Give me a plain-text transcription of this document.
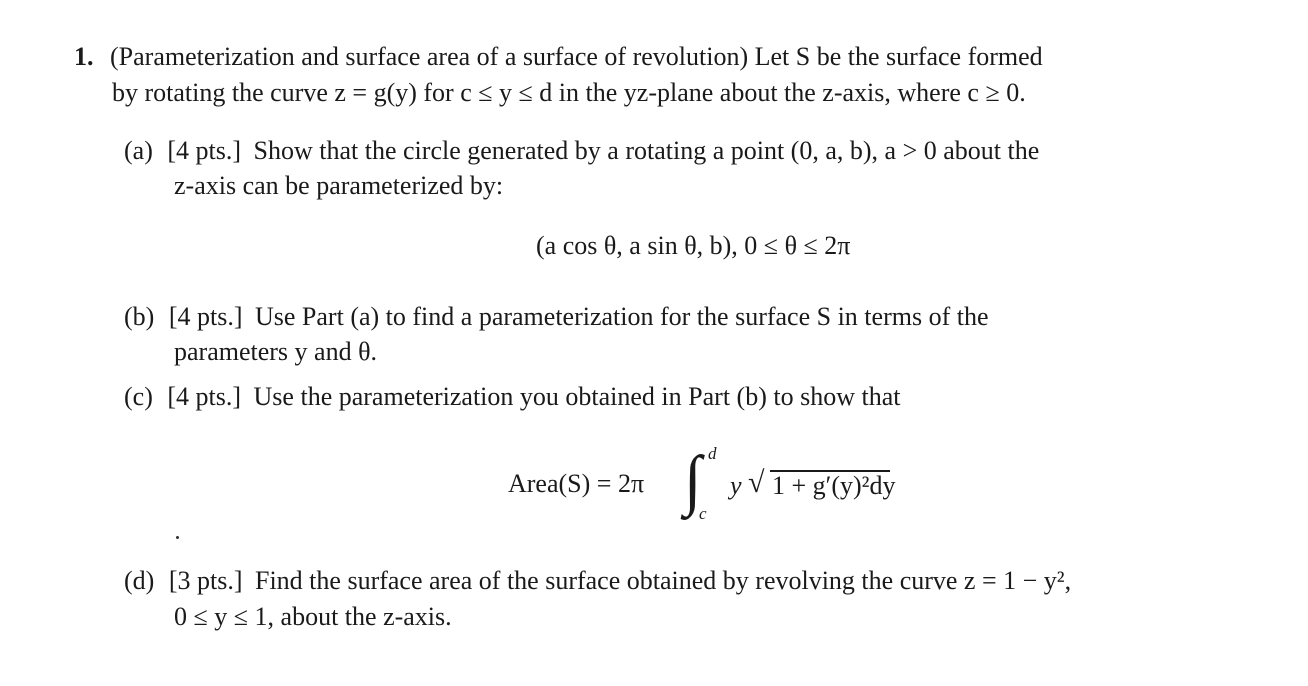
1. (Parameterization and surface area of a surface of revolution) Let S be the surface formed
by rotating the curve z = g(y) for c ≤ y ≤ d in the yz-plane about the z-axis, where c ≥ 0.
(a) [4 pts.] Show that the circle generated by a rotating a point (0, a, b), a > 0 about the
z-axis can be parameterized by:
(a cos θ, a sin θ, b), 0 ≤ θ ≤ 2π
(b) [4 pts.] Use Part (a) to find a parameterization for the surface S in terms of the
parameters y and θ.
(c) [4 pts.] Use the parameterization you obtained in Part (b) to show that
Area(S) = 2π ∫ d
c
y √ 1 + g′(y)²dy
(d) [3 pts.] Find the surface area of the surface obtained by revolving the curve z = 1 − y²,
0 ≤ y ≤ 1, about the z-axis.
